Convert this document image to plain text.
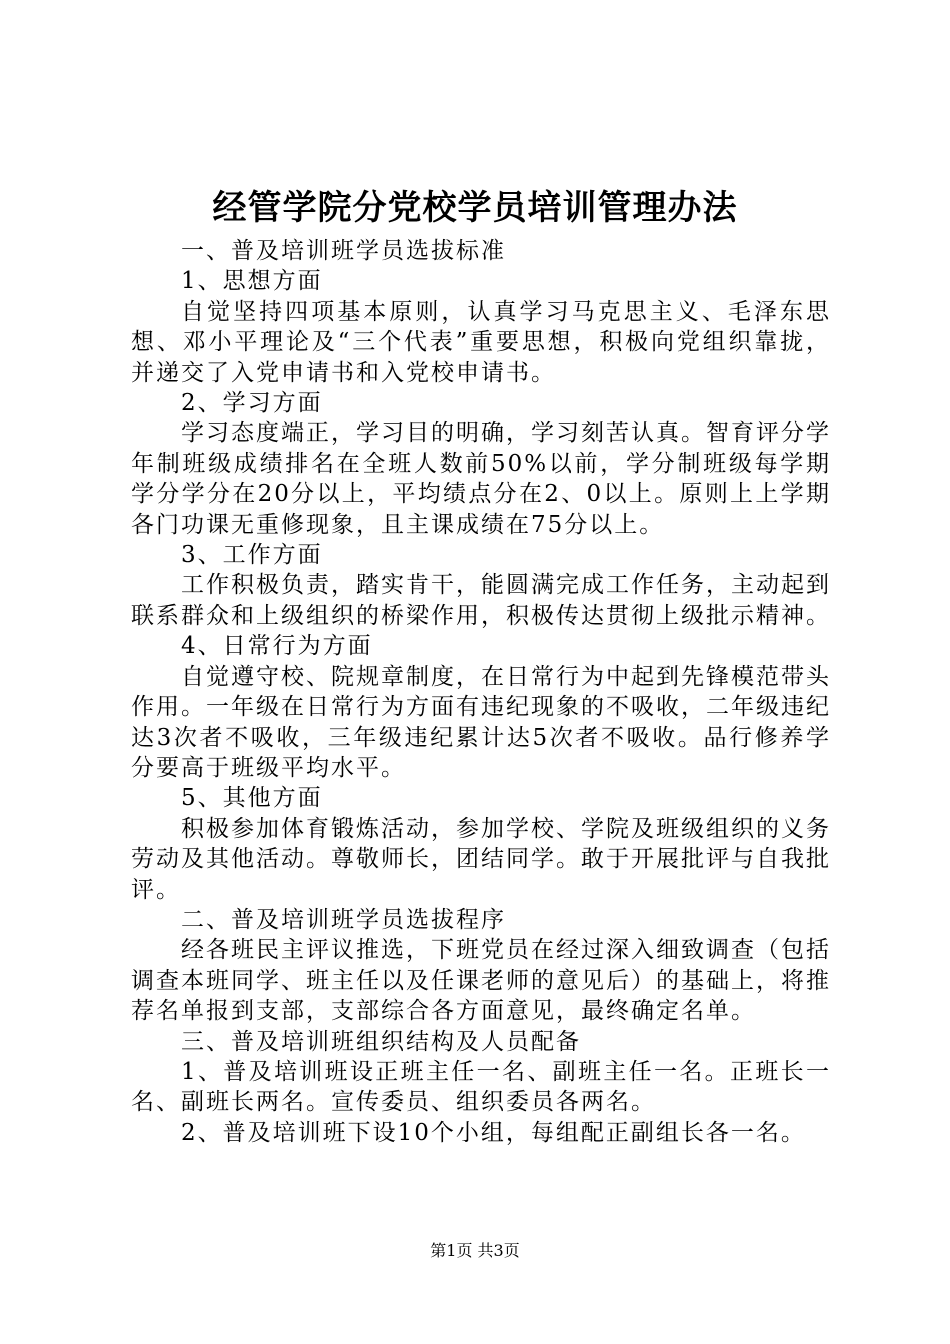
经管学院分党校学员培训管理办法

一、普及培训班学员选拔标准

1、思想方面

自觉坚持四项基本原则，认真学习马克思主义、毛泽东思想、邓小平理论及“三个代表”重要思想，积极向党组织靠拢，并递交了入党申请书和入党校申请书。

2、学习方面

学习态度端正，学习目的明确，学习刻苦认真。智育评分学年制班级成绩排名在全班人数前50%以前，学分制班级每学期学分学分在20分以上，平均绩点分在2、0以上。原则上上学期各门功课无重修现象，且主课成绩在75分以上。

3、工作方面

工作积极负责，踏实肯干，能圆满完成工作任务，主动起到联系群众和上级组织的桥梁作用，积极传达贯彻上级批示精神。

4、日常行为方面

自觉遵守校、院规章制度，在日常行为中起到先锋模范带头作用。一年级在日常行为方面有违纪现象的不吸收，二年级违纪达3次者不吸收，三年级违纪累计达5次者不吸收。品行修养学分要高于班级平均水平。

5、其他方面

积极参加体育锻炼活动，参加学校、学院及班级组织的义务劳动及其他活动。尊敬师长，团结同学。敢于开展批评与自我批评。

二、普及培训班学员选拔程序

经各班民主评议推选，下班党员在经过深入细致调查（包括调查本班同学、班主任以及任课老师的意见后）的基础上，将推荐名单报到支部，支部综合各方面意见，最终确定名单。

三、普及培训班组织结构及人员配备

1、普及培训班设正班主任一名、副班主任一名。正班长一名、副班长两名。宣传委员、组织委员各两名。

2、普及培训班下设10个小组，每组配正副组长各一名。

第1页 共3页
